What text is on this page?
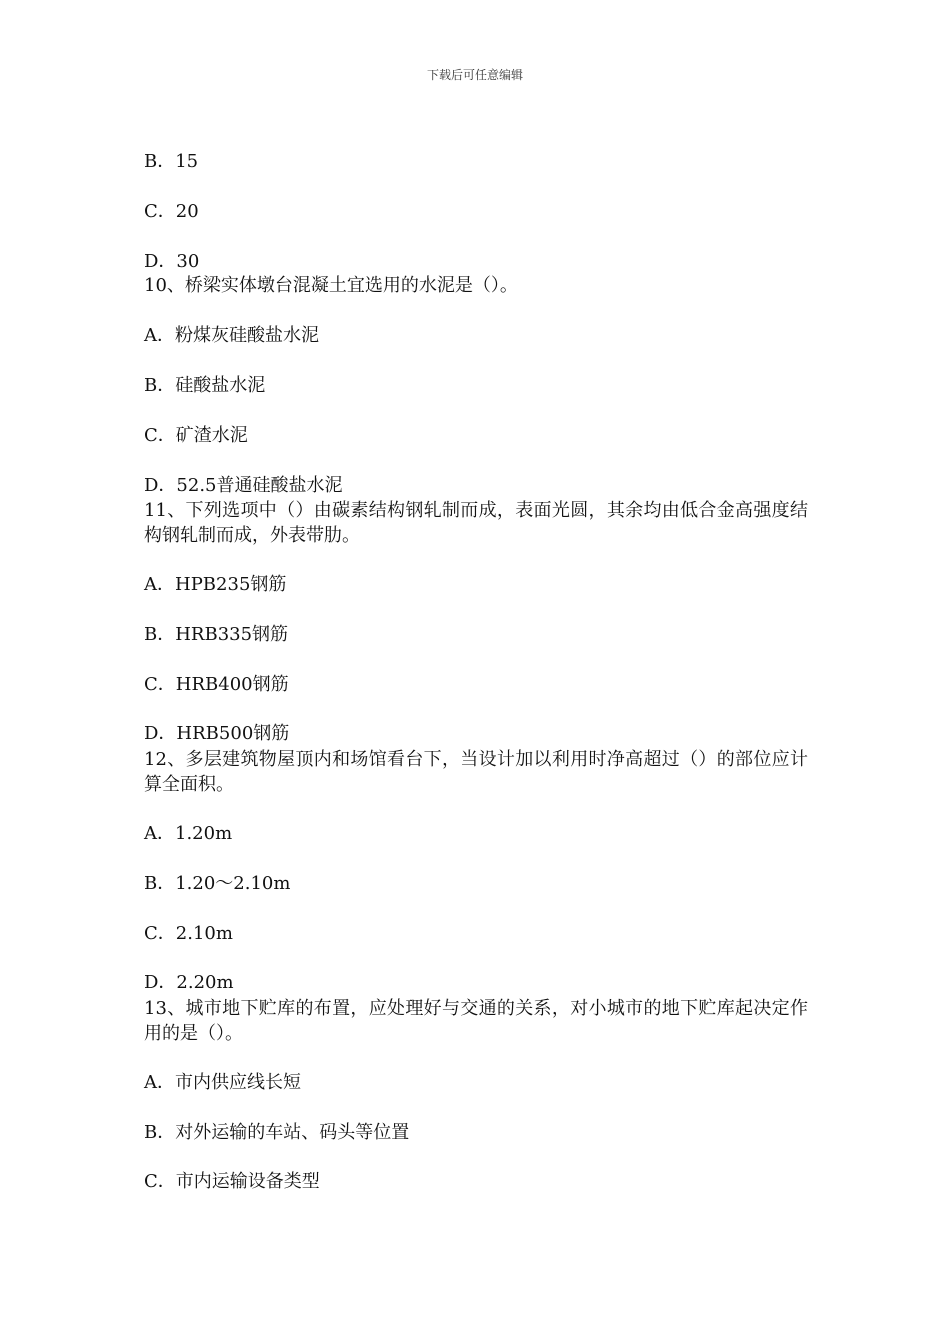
下载后可任意编辑
B．15
C．20
D．30
10、桥梁实体墩台混凝土宜选用的水泥是（）。
A．粉煤灰硅酸盐水泥
B．硅酸盐水泥
C．矿渣水泥
D．52.5普通硅酸盐水泥
11、下列选项中（）由碳素结构钢轧制而成，表面光圆，其余均由低合金高强度结构钢轧制而成，外表带肋。
A．HPB235钢筋
B．HRB335钢筋
C．HRB400钢筋
D．HRB500钢筋
12、多层建筑物屋顶内和场馆看台下，当设计加以利用时净高超过（）的部位应计算全面积。
A．1.20m
B．1.20～2.10m
C．2.10m
D．2.20m
13、城市地下贮库的布置，应处理好与交通的关系，对小城市的地下贮库起决定作用的是（）。
A．市内供应线长短
B．对外运输的车站、码头等位置
C．市内运输设备类型
